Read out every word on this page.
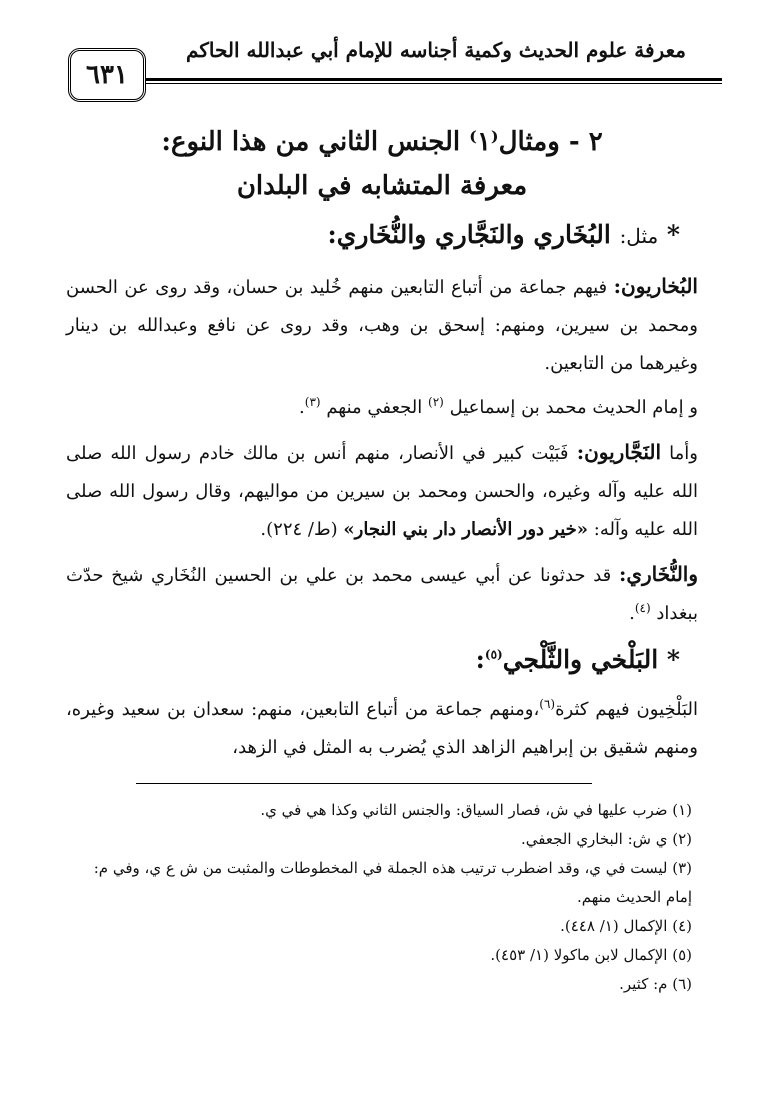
معرفة علوم الحديث وكمية أجناسه للإمام أبي عبدالله الحاكم
٦٣١
٢ - ومثال⁽١⁾ الجنس الثاني من هذا النوع:
معرفة المتشابه في البلدان
* مثل: البُخَاري والنَجَّاري والنُّخَاري:

البُخاريون: فيهم جماعة من أتباع التابعين منهم خُليد بن حسان، وقد روى عن الحسن ومحمد بن سيرين، ومنهم: إسحق بن وهب، وقد روى عن نافع وعبدالله بن دينار وغيرهما من التابعين.

و إمام الحديث محمد بن إسماعيل $^{(٢)}$ الجعفي منهم $^{(٣)}$.

وأما النَجَّاريون: فَبَيْت كبير في الأنصار، منهم أنس بن مالك خادم رسول الله صلى الله عليه وآله وغيره، والحسن ومحمد بن سيرين من مواليهم، وقال رسول الله صلى الله عليه وآله: «خير دور الأنصار دار بني النجار» (ط/ ٢٢٤).

والنُّخَاري: قد حدثونا عن أبي عيسى محمد بن علي بن الحسين النُخَاري شيخ حدّث ببغداد $^{(٤)}$.

* البَلْخي والثَّلْجي$^{(٥)}$:

البَلْخِيون فيهم كثرة$^{(٦)}$،ومنهم جماعة من أتباع التابعين، منهم: سعدان بن سعيد وغيره، ومنهم شقيق بن إبراهيم الزاهد الذي يُضرب به المثل في الزهد،

(١) ضرب عليها في ش، فصار السياق: والجنس الثاني وكذا هي في ي.

(٢) ي ش: البخاري الجعفي.

(٣) ليست في ي، وقد اضطرب ترتيب هذه الجملة في المخطوطات والمثبت من ش ع ي، وفي م: إمام الحديث منهم.

(٤) الإكمال (١/ ٤٤٨).

(٥) الإكمال لابن ماكولا (١/ ٤٥٣).

(٦) م: كثير.
